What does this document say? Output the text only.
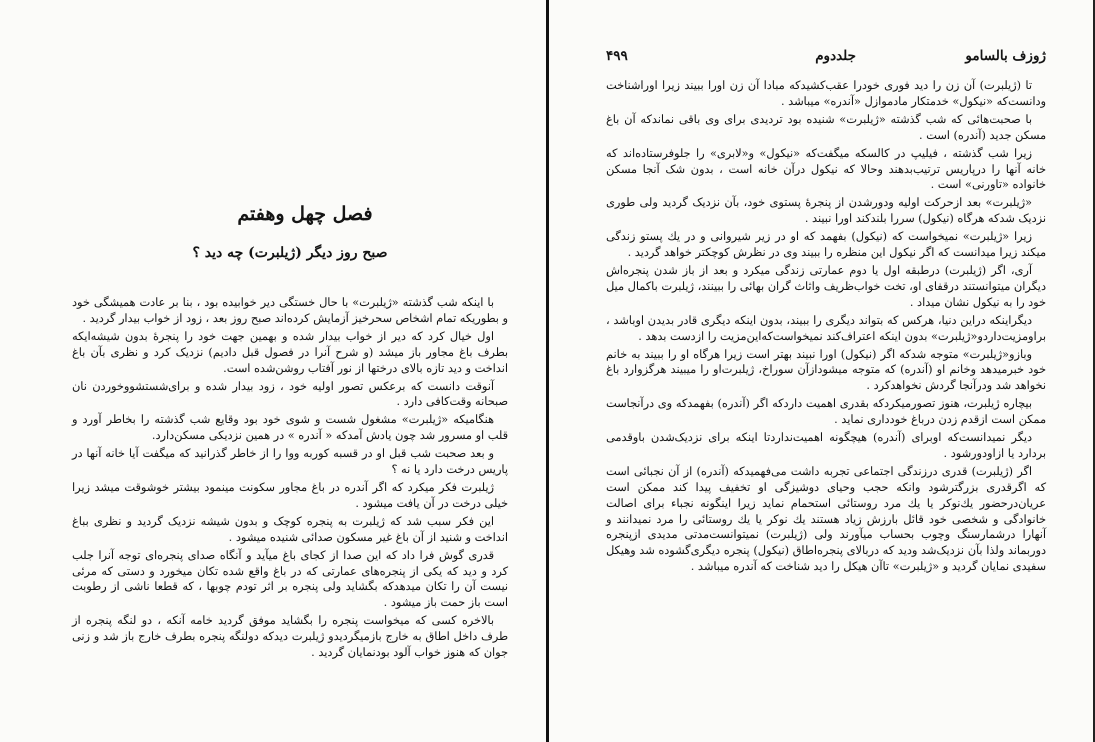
فصل چهل وهفتم
صبح روز دیگر (ژیلبرت) چه دید ؟

با اینکه شب گذشته «ژیلبرت» با حال خستگی دیر خوابیده بود ، بنا بر عادت همیشگی خود و بطوریکه تمام اشخاص سحرخیز آزمایش کرده‌اند صبح روز بعد ، زود از خواب بیدار گردید .

اول خیال کرد که دیر از خواب بیدار شده و بهمین جهت خود را پنجرهٔ بدون شیشه‌ایکه بطرف باغ مجاور باز میشد (و شرح آنرا در فصول قبل دادیم) نزدیک کرد و نظری بآن باغ انداخت و دید تازه بالای درختها از نور آفتاب روشن‌شده است.

آنوقت دانست که برعکس تصور اولیه خود ، زود بیدار شده و برای‌شستشووخوردن نان صبحانه وقت‌کافی دارد .

هنگامیکه «ژیلبرت» مشغول شست و شوی خود بود وقایع شب گذشته را بخاطر آورد و قلب او مسرور شد چون یادش آمدکه « آندره » در همین نزدیکی مسکن‌دارد.

و بعد صحبت شب قبل او در قسبه کوربه ووا را از خاطر گذرانید که میگفت آیا خانه آنها در پاریس درخت دارد یا نه ؟

ژیلبرت فکر میکرد که اگر آندره در باغ مجاور سکونت مینمود بیشتر خوشوقت میشد زیرا خیلی درخت در آن یافت میشود .

این فکر سبب شد که ژیلبرت به پنجره کوچک و بدون شیشه نزدیک گردید و نظری بباغ انداخت و شنید از آن باغ غیر مسکون صدائی شنیده میشود .

قدری گوش فرا داد که این صدا از کجای باغ میآید و آنگاه صدای پنجره‌ای توجه آنرا جلب کرد و دید که یکی از پنجره‌های عمارتی که در باغ واقع شده تکان میخورد و دستی که مرئی نیست آن را تکان میدهدکه بگشاید ولی پنجره بر اثر تودم چوبها ، که قطعا ناشی از رطوبت است باز حمت باز میشود .

بالاخره کسی که میخواست پنجره را بگشاید موفق گردید خامه آنکه ، دو لنگه پنجره از طرف داخل اطاق به خارج بازمیگردیدو ژیلبرت دیدکه دولنگه پنجره بطرف خارج باز شد و زنی جوان که هنوز خواب آلود بودنمایان گردید .

ژوزف بالسامو
جلددوم
۴۹۹

تا (ژیلبرت) آن زن را دید فوری خودرا عقب‌کشیدکه مبادا آن زن اورا ببیند زیرا اورا‌شناخت ودانست‌که «نیکول» خدمتکار مادموازل «آندره» میباشد .

با صحبت‌هائی که شب گذشته «ژیلبرت» شنیده بود تردیدی برای وی باقی نماندکه آن باغ مسکن جدید (آندره) است .

زیرا شب گذشته ، فیلیپ در کالسکه میگفت‌که «نیکول» و«لابری» را جلوفرستاده‌اند که خانه آنها را درپاریس ترتیب‌بدهند وحالا که نیکول درآن خانه است ، بدون شک آنجا مسکن خانواده «تاورنی» است .

«ژیلبرت» بعد ازحرکت اولیه ودورشدن از پنجرهٔ پستوی خود، بآن نزدیک گردید ولی طوری نزدیک شدکه هرگاه (نیکول) سررا بلندکند اورا نبیند .

زیرا «ژیلبرت» نمیخواست که (نیکول) بفهمد که او در زیر شیروانی و در یك پستو زندگی میکند زیرا میدانست که اگر نیکول این منظره را ببیند وی در نظرش کوچکتر خواهد گردید .

آری، اگر (ژیلبرت) درطبقه اول یا دوم عمارتی زندگی میکرد و بعد از باز شدن پنجره‌اش دیگران میتوانستند درقفای او، تخت خواب‌ظریف واثاث گران بهائی را ببینند، ژیلبرت باکمال میل خود را به نیکول نشان میداد .

دیگراینکه دراین دنیا، هرکس که بتواند دیگری را ببیند، بدون اینکه دیگری قادر بدیدن اوباشد ، براومزیت‌داردو«ژیلبرت» بدون اینکه اعتراف‌کند نمیخواست‌که‌این‌مزیت را ازدست بدهد .

وبازو«ژیلبرت» متوجه شدکه اگر (نیکول) اورا نبیند بهتر است زیرا هرگاه او را ببیند به خانم خود خبرمیدهد وخانم او (آندره) که متوجه میشودازآن سوراخ، ژیلبرت‌او را میبیند هرگزوارد باغ نخواهد شد ودرآنجا گردش نخواهدکرد .

بیچاره ژیلبرت، هنوز تصورمیکردکه بقدری اهمیت داردکه اگر (آندره) بفهمدکه وی درآنجاست ممکن است ازقدم زدن درباغ خودداری نماید .

دیگر نمیدانست‌که اوبرای (آندره) هیچگونه اهمیت‌نداردتا اینکه برای نزدیک‌شدن باوقدمی بردارد یا ازاودورشود .

اگر (ژیلبرت) قدری درزندگی اجتماعی تجربه داشت می‌فهمیدکه (آندره) از آن نجبائی است که اگرقدری بزرگترشود وانکه حجب وحیای دوشیزگی او تخفیف پیدا کند ممکن است عریان‌درحضور یك‌نوکر یا یك مرد روستائی استحمام نماید زیرا اینگونه نجباء برای اصالت خانوادگی و شخصی خود قائل بارزش زیاد هستند یك نوکر یا یك روستائی را مرد نمیدانند و آنهارا درشمارسنگ وچوب بحساب میآورند ولی (ژیلبرت) نمیتوانست‌مدتی مدیدی ازپنجره دوربماند ولذا بآن نزدیک‌شد ودید که دربالای پنجره‌اطاق (نیکول) پنجره دیگری‌گشوده شد وهیکل سفیدی نمایان گردید و «ژیلبرت» تاآن هیکل را دید شناخت که آندره میباشد .
